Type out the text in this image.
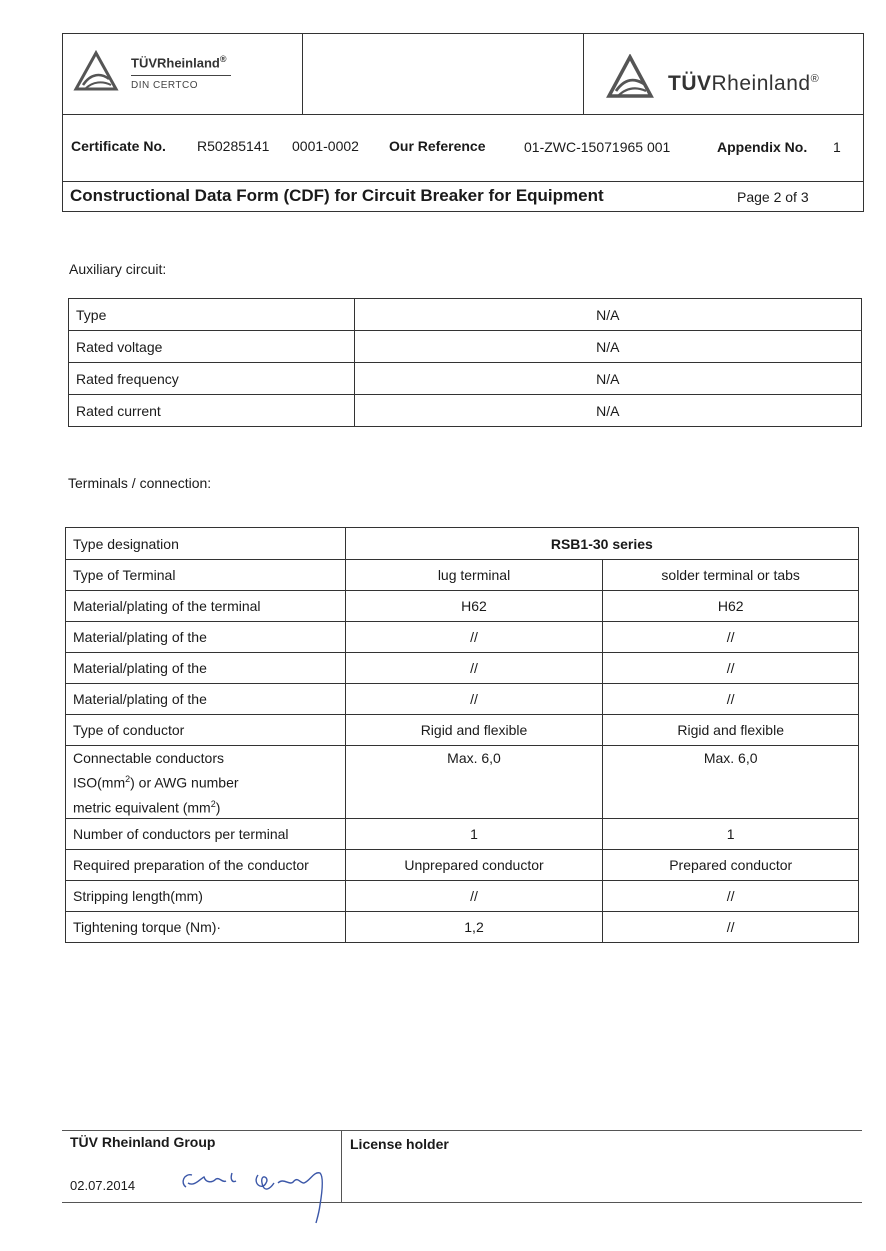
TÜVRheinland®
DIN CERTCO	TÜVRheinland®
Certificate No. R50285141 0001-0002 Our Reference	01-ZWC-15071965 001	Appendix No. 1
Constructional Data Form (CDF) for Circuit Breaker for Equipment	Page 2 of 3
Auxiliary circuit:
Type	N/A
Rated voltage	N/A
Rated frequency	N/A
Rated current	N/A
Terminals / connection:
Type designation	RSB1-30 series	
Type of Terminal	lug terminal	solder terminal or tabs
Material/plating of the terminal	H62	H62
Material/plating of the	//	//
Material/plating of the	//	//
Material/plating of the	//	//
Type of conductor	Rigid and flexible	Rigid and flexible

Connectable conductors
$ISO(mm^2)$ or AWG number
metric equivalent $(mm^2)$	Max. 6,0	Max. 6,0
Number of conductors per terminal	1	1
Required preparation of the conductor	Unprepared conductor	Prepared conductor
Stripping length(mm)	//	//
Tightening torque (Nm)·	1,2	//
TÜV Rheinland Group
02.07.2014
License holder
